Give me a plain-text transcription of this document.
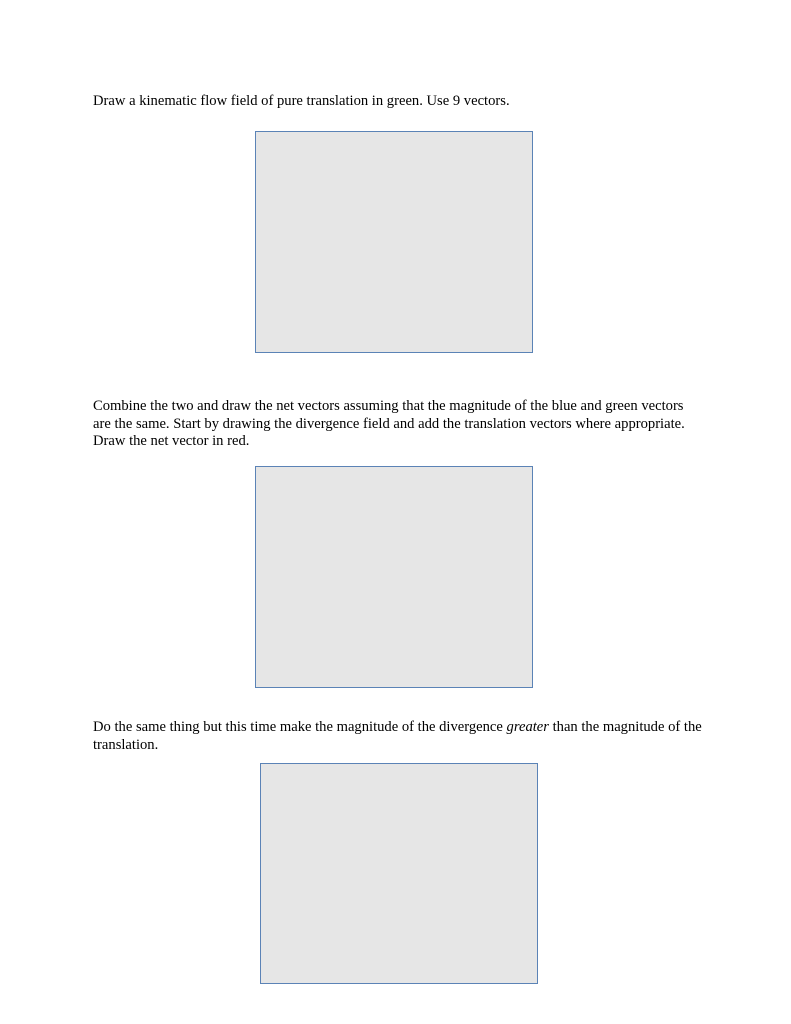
Draw a kinematic flow field of pure translation in green. Use 9 vectors.

Combine the two and draw the net vectors assuming that the magnitude of the blue and green vectors are the same. Start by drawing the divergence field and add the translation vectors where appropriate. Draw the net vector in red.

Do the same thing but this time make the magnitude of the divergence greater than the magnitude of the translation.
